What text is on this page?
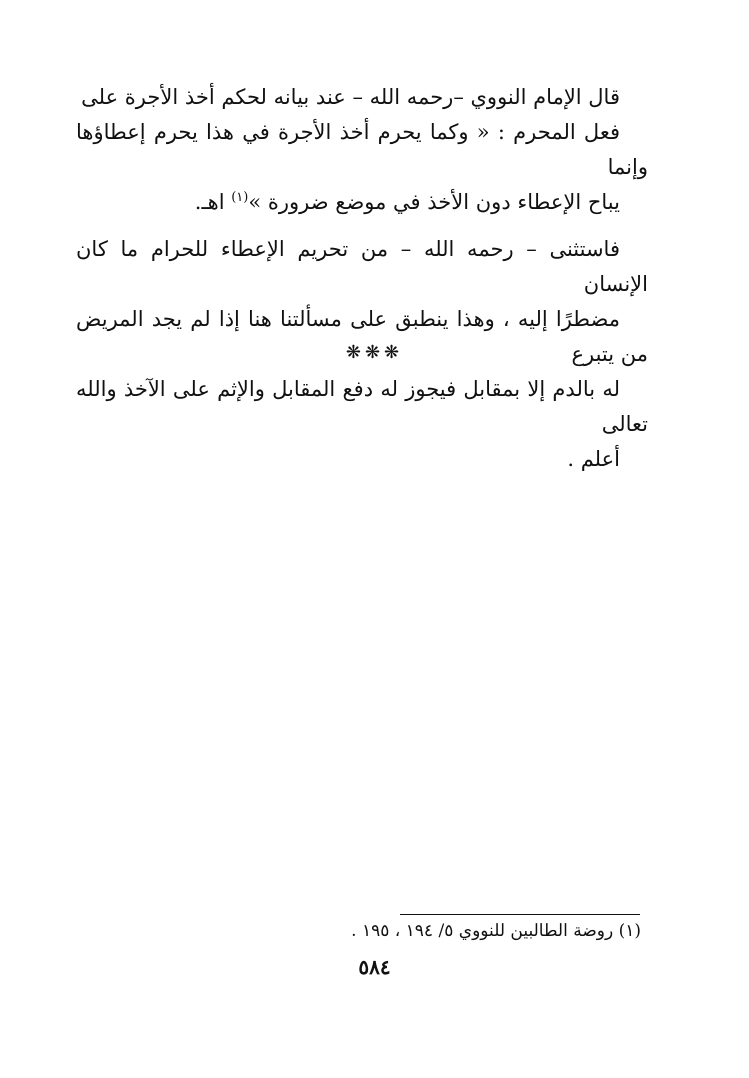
قال الإمام النووي –رحمه الله – عند بيانه لحكم أخذ الأجرة على
فعل المحرم : « وكما يحرم أخذ الأجرة في هذا يحرم إعطاؤها وإنما
يباح الإعطاء دون الأخذ في موضع ضرورة »$^{(١)}$ اهـ.

فاستثنى – رحمه الله – من تحريم الإعطاء للحرام ما كان الإنسان
مضطرًا إليه ، وهذا ينطبق على مسألتنا هنا إذا لم يجد المريض من يتبرع
له بالدم إلا بمقابل فيجوز له دفع المقابل والإثم على الآخذ والله تعالى
أعلم .

❋❋❋
(١) روضة الطالبين للنووي ٥/ ١٩٤ ، ١٩٥ .
٥٨٤
